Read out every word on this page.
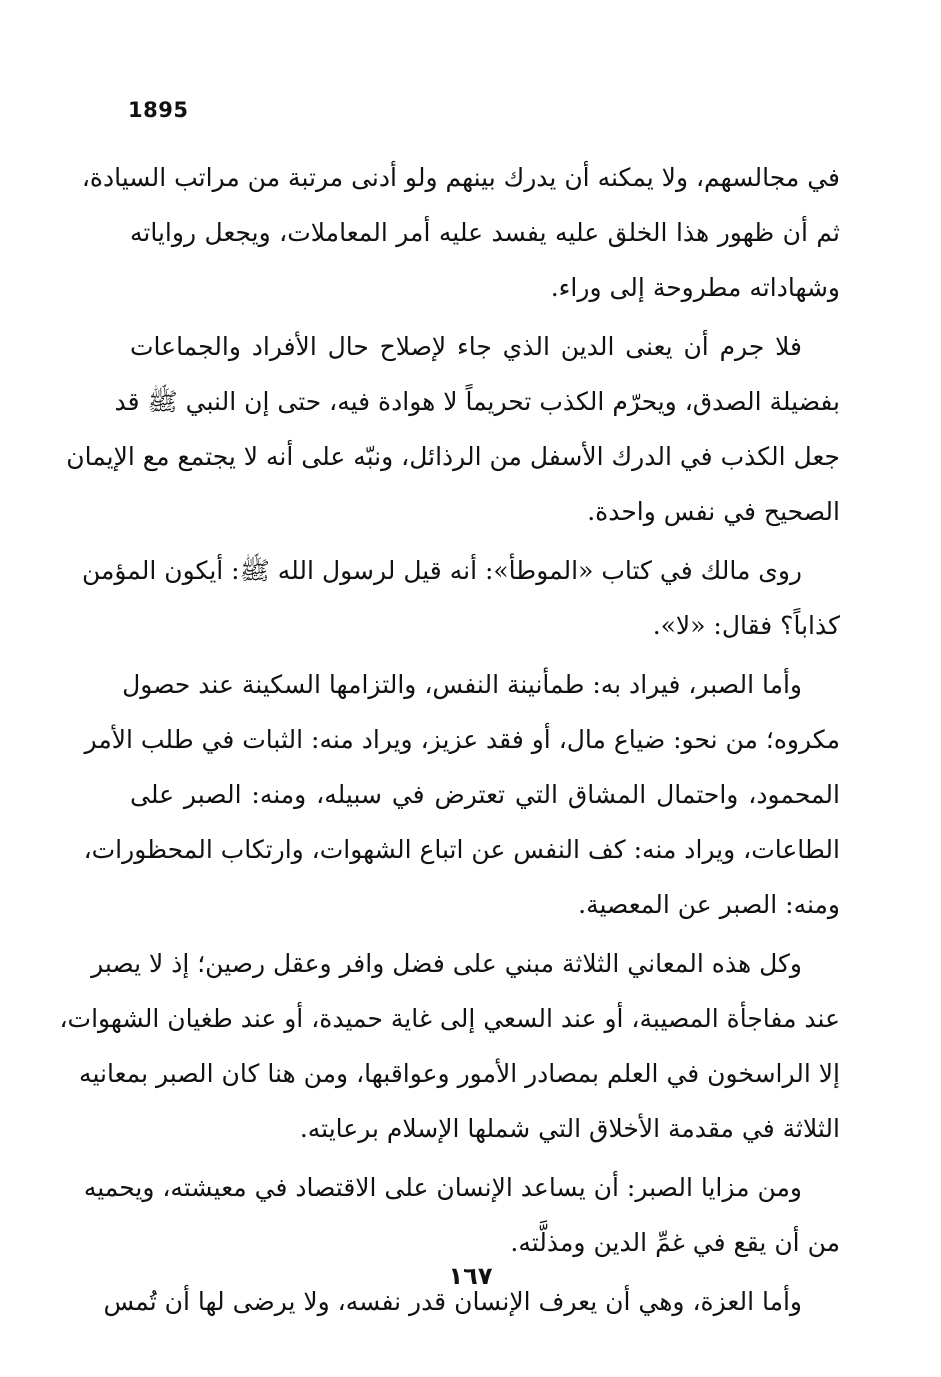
1895
في مجالسهم، ولا يمكنه أن يدرك بينهم ولو أدنى مرتبة من مراتب السيادة،
ثم أن ظهور هذا الخلق عليه يفسد عليه أمر المعاملات، ويجعل رواياته
وشهاداته مطروحة إلى وراء.
فلا جرم أن يعنى الدين الذي جاء لإصلاح حال الأفراد والجماعات
بفضيلة الصدق، ويحرّم الكذب تحريماً لا هوادة فيه، حتى إن النبي ﷺ قد
جعل الكذب في الدرك الأسفل من الرذائل، ونبّه على أنه لا يجتمع مع الإيمان
الصحيح في نفس واحدة.
روى مالك في كتاب «الموطأ»: أنه قيل لرسول الله ﷺ: أيكون المؤمن
كذاباً؟ فقال: «لا».
وأما الصبر، فيراد به: طمأنينة النفس، والتزامها السكينة عند حصول
مكروه؛ من نحو: ضياع مال، أو فقد عزيز، ويراد منه: الثبات في طلب الأمر
المحمود، واحتمال المشاق التي تعترض في سبيله، ومنه: الصبر على
الطاعات، ويراد منه: كف النفس عن اتباع الشهوات، وارتكاب المحظورات،
ومنه: الصبر عن المعصية.
وكل هذه المعاني الثلاثة مبني على فضل وافر وعقل رصين؛ إذ لا يصبر
عند مفاجأة المصيبة، أو عند السعي إلى غاية حميدة، أو عند طغيان الشهوات،
إلا الراسخون في العلم بمصادر الأمور وعواقبها، ومن هنا كان الصبر بمعانيه
الثلاثة في مقدمة الأخلاق التي شملها الإسلام برعايته.
ومن مزايا الصبر: أن يساعد الإنسان على الاقتصاد في معيشته، ويحميه
من أن يقع في غمِّ الدين ومذلَّته.
وأما العزة، وهي أن يعرف الإنسان قدر نفسه، ولا يرضى لها أن تُمس
١٦٧
